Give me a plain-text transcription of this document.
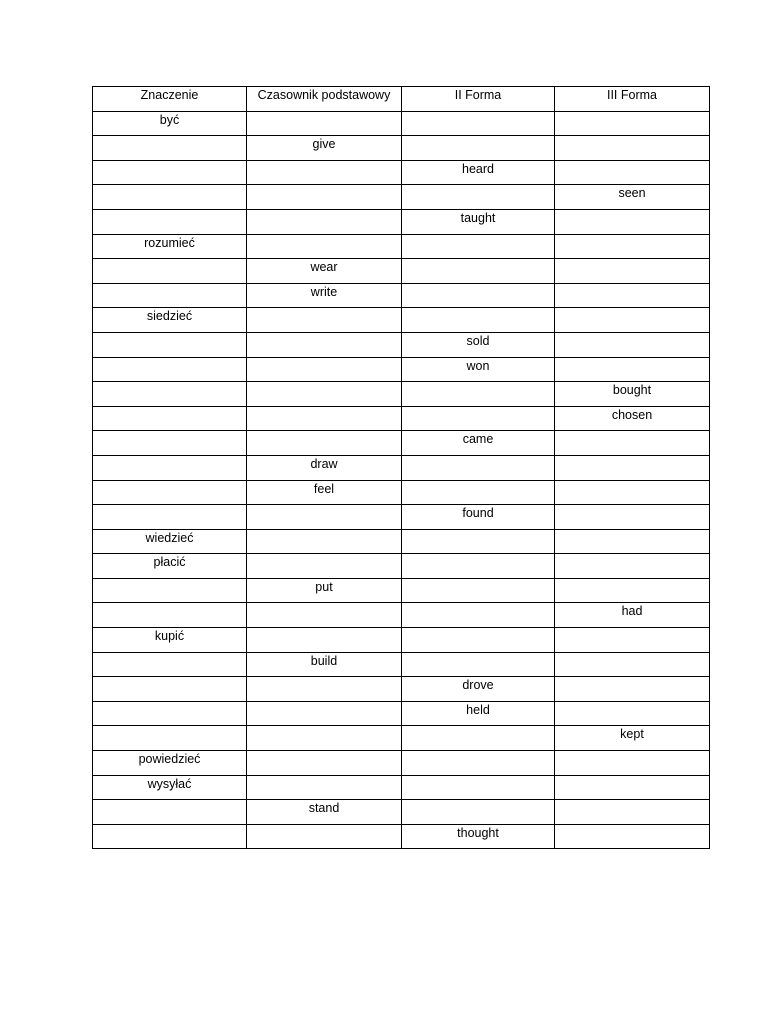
Znaczenie	Czasownik podstawowy	II Forma	III Forma
być			
	give		
		heard	
			seen
		taught	
rozumieć			
	wear		
	write		
siedzieć			
		sold	
		won	
			bought
			chosen
		came	
	draw		
	feel		
		found	
wiedzieć			
płacić			
	put		
			had
kupić			
	build		
		drove	
		held	
			kept
powiedzieć			
wysyłać			
	stand		
		thought	
